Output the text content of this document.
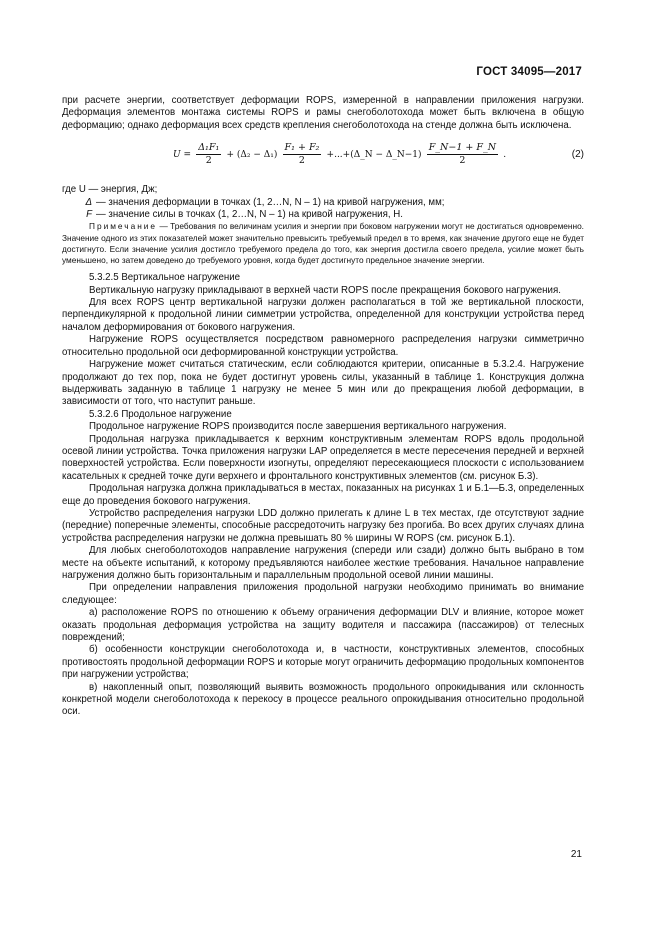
ГОСТ 34095—2017

при расчете энергии, соответствует деформации ROPS, измеренной в направлении приложения нагрузки. Деформация элементов монтажа системы ROPS и рамы снегоболотохода может быть включена в общую деформацию; однако деформация всех средств крепления снегоболотохода на стенде должна быть исключена.

$U = \frac{\text{Δ₁F₁}}{2} + (\Delta_2 - \Delta_1) \frac{\text{F₁ + F₂}}{2}$ +...+(Δ_N − Δ_N−1) $\frac{F\_N-1 + F\_N}{2}$ .	(2)

где U — энергия, Дж;

Δ — значения деформации в точках (1, 2…N, N – 1) на кривой нагружения, мм;

F — значение силы в точках (1, 2…N, N – 1) на кривой нагружения, Н.

Примечание — Требования по величинам усилия и энергии при боковом нагружении могут не достигаться одновременно. Значение одного из этих показателей может значительно превысить требуемый предел в то время, как значение другого еще не будет достигнуто. Если значение усилия достигло требуемого предела до того, как энергия достигла своего предела, усилие может быть уменьшено, но затем доведено до требуемого уровня, когда будет достигнуто предельное значение энергии.

5.3.2.5 Вертикальное нагружение

Вертикальную нагрузку прикладывают в верхней части ROPS после прекращения бокового нагружения.

Для всех ROPS центр вертикальной нагрузки должен располагаться в той же вертикальной плоскости, перпендикулярной к продольной линии симметрии устройства, определенной для конструкции устройства перед началом деформирования от бокового нагружения.

Нагружение ROPS осуществляется посредством равномерного распределения нагрузки симметрично относительно продольной оси деформированной конструкции устройства.

Нагружение может считаться статическим, если соблюдаются критерии, описанные в 5.3.2.4. Нагружение продолжают до тех пор, пока не будет достигнут уровень силы, указанный в таблице 1. Конструкция должна выдерживать заданную в таблице 1 нагрузку не менее 5 мин или до прекращения любой деформации, в зависимости от того, что наступит раньше.

5.3.2.6 Продольное нагружение

Продольное нагружение ROPS производится после завершения вертикального нагружения.

Продольная нагрузка прикладывается к верхним конструктивным элементам ROPS вдоль продольной осевой линии устройства. Точка приложения нагрузки LAP определяется в месте пересечения передней и верхней поверхностей устройства. Если поверхности изогнуты, определяют пересекающиеся плоскости с использованием касательных к средней точке дуги верхнего и фронтального конструктивных элементов (см. рисунок Б.3).

Продольная нагрузка должна прикладываться в местах, показанных на рисунках 1 и Б.1—Б.3, определенных еще до проведения бокового нагружения.

Устройство распределения нагрузки LDD должно прилегать к длине L в тех местах, где отсутствуют задние (передние) поперечные элементы, способные рассредоточить нагрузку без прогиба. Во всех других случаях длина устройства распределения нагрузки не должна превышать 80 % ширины W ROPS (см. рисунок Б.1).

Для любых снегоболотоходов направление нагружения (спереди или сзади) должно быть выбрано в том месте на объекте испытаний, к которому предъявляются наиболее жесткие требования. Начальное направление нагружения должно быть горизонтальным и параллельным продольной осевой линии машины.

При определении направления приложения продольной нагрузки необходимо принимать во внимание следующее:

а) расположение ROPS по отношению к объему ограничения деформации DLV и влияние, которое может оказать продольная деформация устройства на защиту водителя и пассажира (пассажиров) от телесных повреждений;

б) особенности конструкции снегоболотохода и, в частности, конструктивных элементов, способных противостоять продольной деформации ROPS и которые могут ограничить деформацию продольных компонентов при нагружении устройства;

в) накопленный опыт, позволяющий выявить возможность продольного опрокидывания или склонность конкретной модели снегоболотохода к перекосу в процессе реального опрокидывания относительно продольной оси.

21
